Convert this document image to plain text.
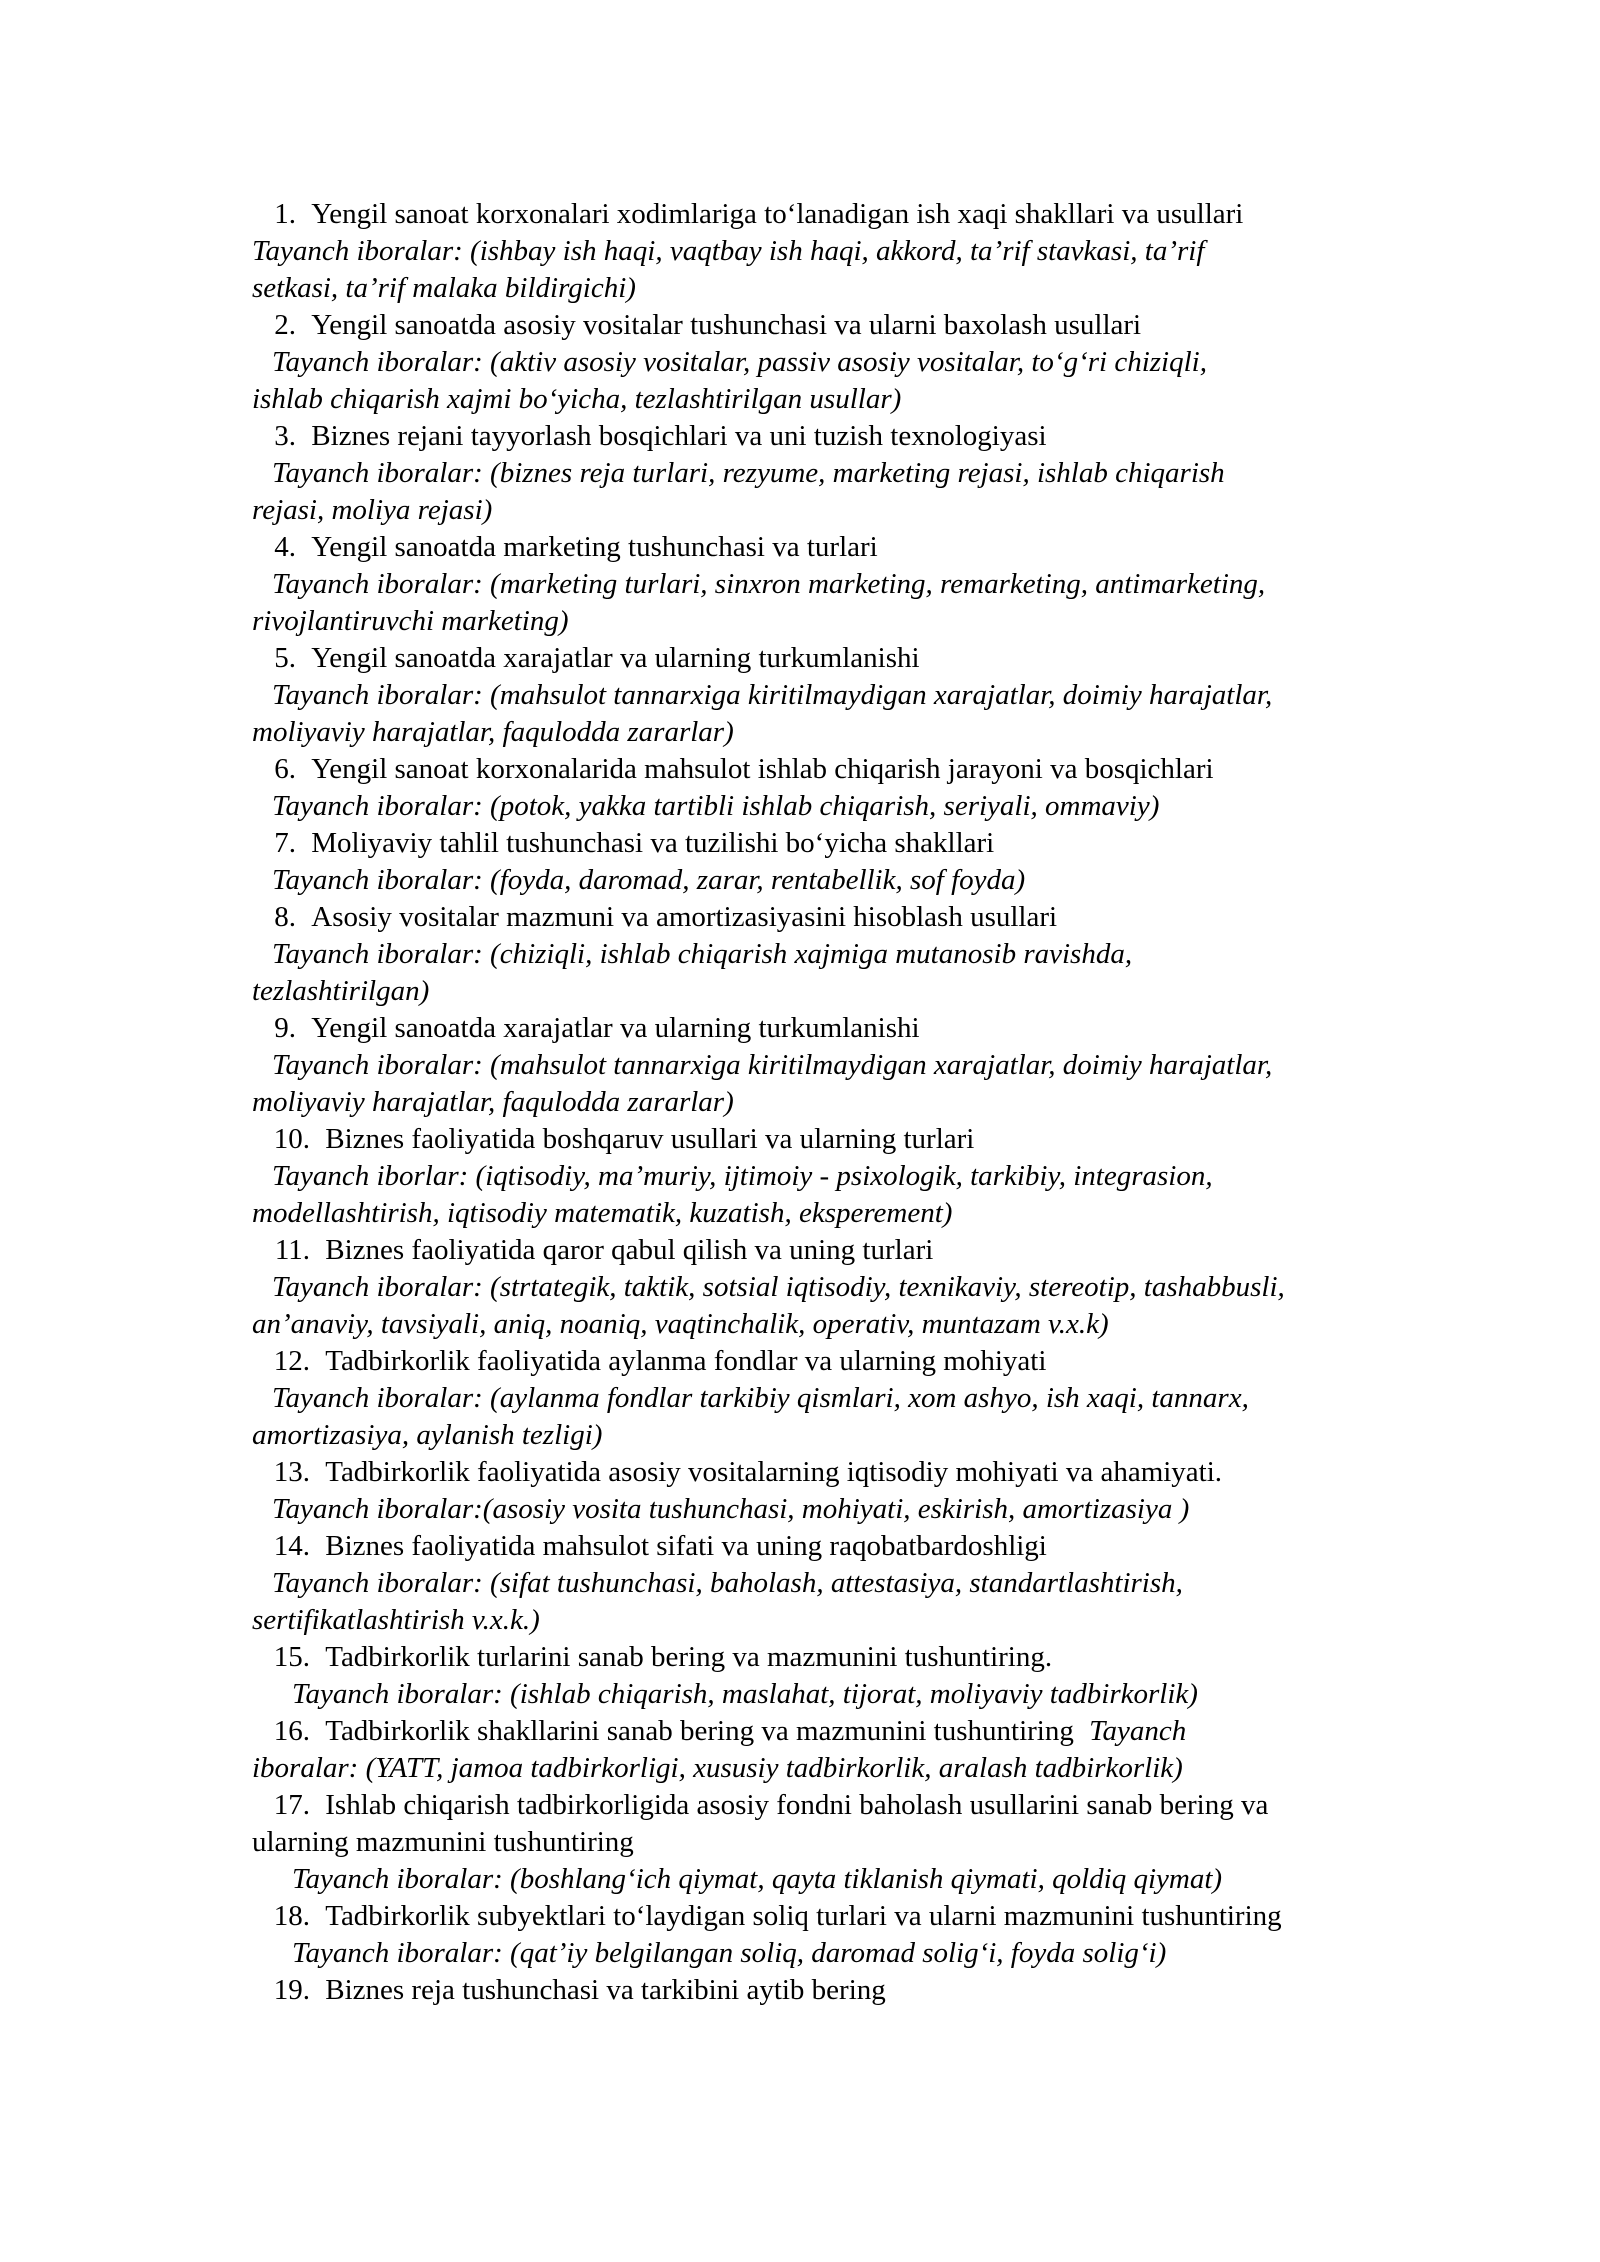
1. Yengil sanoat korxonalari xodimlariga to‘lanadigan ish xaqi shakllari va usullari
Tayanch iboralar: (ishbay ish haqi, vaqtbay ish haqi, akkord, ta’rif stavkasi, ta’rif
setkasi, ta’rif malaka bildirgichi)
2. Yengil sanoatda asosiy vositalar tushunchasi va ularni baxolash usullari
Tayanch iboralar: (aktiv asosiy vositalar, passiv asosiy vositalar, to‘g‘ri chiziqli,
ishlab chiqarish xajmi bo‘yicha, tezlashtirilgan usullar)
3. Biznes rejani tayyorlash bosqichlari va uni tuzish texnologiyasi
Tayanch iboralar: (biznes reja turlari, rezyume, marketing rejasi, ishlab chiqarish
rejasi, moliya rejasi)
4. Yengil sanoatda marketing tushunchasi va turlari
Tayanch iboralar: (marketing turlari, sinxron marketing, remarketing, antimarketing,
rivojlantiruvchi marketing)
5. Yengil sanoatda xarajatlar va ularning turkumlanishi
Tayanch iboralar: (mahsulot tannarxiga kiritilmaydigan xarajatlar, doimiy harajatlar,
moliyaviy harajatlar, faqulodda zararlar)
6. Yengil sanoat korxonalarida mahsulot ishlab chiqarish jarayoni va bosqichlari
Tayanch iboralar: (potok, yakka tartibli ishlab chiqarish, seriyali, ommaviy)
7. Moliyaviy tahlil tushunchasi va tuzilishi bo‘yicha shakllari
Tayanch iboralar: (foyda, daromad, zarar, rentabellik, sof foyda)
8. Asosiy vositalar mazmuni va amortizasiyasini hisoblash usullari
Tayanch iboralar: (chiziqli, ishlab chiqarish xajmiga mutanosib ravishda,
tezlashtirilgan)
9. Yengil sanoatda xarajatlar va ularning turkumlanishi
Tayanch iboralar: (mahsulot tannarxiga kiritilmaydigan xarajatlar, doimiy harajatlar,
moliyaviy harajatlar, faqulodda zararlar)
10. Biznes faoliyatida boshqaruv usullari va ularning turlari
Tayanch iborlar: (iqtisodiy, ma’muriy, ijtimoiy - psixologik, tarkibiy, integrasion,
modellashtirish, iqtisodiy matematik, kuzatish, eksperement)
11. Biznes faoliyatida qaror qabul qilish va uning turlari
Tayanch iboralar: (strtategik, taktik, sotsial iqtisodiy, texnikaviy, stereotip, tashabbusli,
an’anaviy, tavsiyali, aniq, noaniq, vaqtinchalik, operativ, muntazam v.x.k)
12. Tadbirkorlik faoliyatida aylanma fondlar va ularning mohiyati
Tayanch iboralar: (aylanma fondlar tarkibiy qismlari, xom ashyo, ish xaqi, tannarx,
amortizasiya, aylanish tezligi)
13. Tadbirkorlik faoliyatida asosiy vositalarning iqtisodiy mohiyati va ahamiyati.
Tayanch iboralar:(asosiy vosita tushunchasi, mohiyati, eskirish, amortizasiya )
14. Biznes faoliyatida mahsulot sifati va uning raqobatbardoshligi
Tayanch iboralar: (sifat tushunchasi, baholash, attestasiya, standartlashtirish,
sertifikatlashtirish v.x.k.)
15. Tadbirkorlik turlarini sanab bering va mazmunini tushuntiring.
Tayanch iboralar: (ishlab chiqarish, maslahat, tijorat, moliyaviy tadbirkorlik)
16. Tadbirkorlik shakllarini sanab bering va mazmunini tushuntiring Tayanch
iboralar: (YATT, jamoa tadbirkorligi, xususiy tadbirkorlik, aralash tadbirkorlik)
17. Ishlab chiqarish tadbirkorligida asosiy fondni baholash usullarini sanab bering va
ularning mazmunini tushuntiring
Tayanch iboralar: (boshlang‘ich qiymat, qayta tiklanish qiymati, qoldiq qiymat)
18. Tadbirkorlik subyektlari to‘laydigan soliq turlari va ularni mazmunini tushuntiring
Tayanch iboralar: (qat’iy belgilangan soliq, daromad solig‘i, foyda solig‘i)
19. Biznes reja tushunchasi va tarkibini aytib bering
